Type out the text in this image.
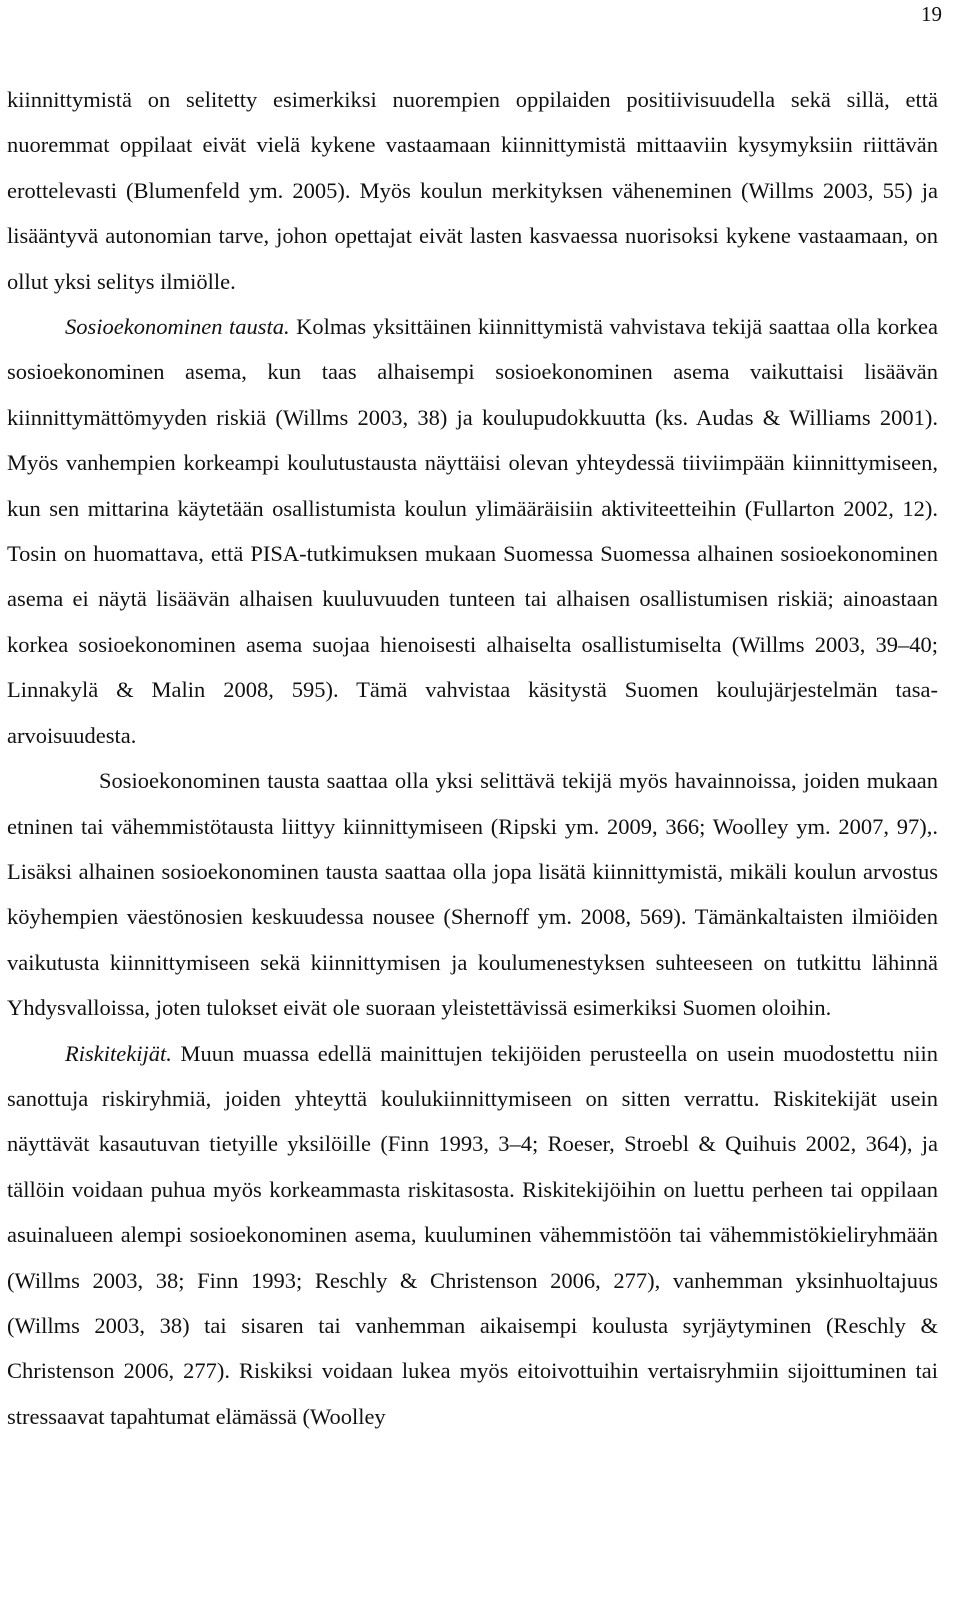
19

kiinnittymistä on selitetty esimerkiksi nuorempien oppilaiden positiivisuudella sekä sillä, että nuoremmat oppilaat eivät vielä kykene vastaamaan kiinnittymistä mittaaviin kysymyksiin riittävän erottelevasti (Blumenfeld ym. 2005). Myös koulun merkityksen väheneminen (Willms 2003, 55) ja lisääntyvä autonomian tarve, johon opettajat eivät lasten kasvaessa nuorisoksi kykene vastaamaan, on ollut yksi selitys ilmiölle.

Sosioekonominen tausta. Kolmas yksittäinen kiinnittymistä vahvistava tekijä saattaa olla korkea sosioekonominen asema, kun taas alhaisempi sosioekonominen asema vaikuttaisi lisäävän kiinnittymättömyyden riskiä (Willms 2003, 38) ja koulupudokkuutta (ks. Audas & Williams 2001). Myös vanhempien korkeampi koulutustausta näyttäisi olevan yhteydessä tiiviimpään kiinnittymiseen, kun sen mittarina käytetään osallistumista koulun ylimääräisiin aktiviteetteihin (Fullarton 2002, 12). Tosin on huomattava, että PISA-tutkimuksen mukaan Suomessa Suomessa alhainen sosioekonominen asema ei näytä lisäävän alhaisen kuuluvuuden tunteen tai alhaisen osallistumisen riskiä; ainoastaan korkea sosioekonominen asema suojaa hienoisesti alhaiselta osallistumiselta (Willms 2003, 39–40; Linnakylä & Malin 2008, 595). Tämä vahvistaa käsitystä Suomen koulujärjestelmän tasa-arvoisuudesta.

Sosioekonominen tausta saattaa olla yksi selittävä tekijä myös havainnoissa, joiden mukaan etninen tai vähemmistötausta liittyy kiinnittymiseen (Ripski ym. 2009, 366; Woolley ym. 2007, 97),. Lisäksi alhainen sosioekonominen tausta saattaa olla jopa lisätä kiinnittymistä, mikäli koulun arvostus köyhempien väestönosien keskuudessa nousee (Shernoff ym. 2008, 569). Tämänkaltaisten ilmiöiden vaikutusta kiinnittymiseen sekä kiinnittymisen ja koulumenestyksen suhteeseen on tutkittu lähinnä Yhdysvalloissa, joten tulokset eivät ole suoraan yleistettävissä esimerkiksi Suomen oloihin.

Riskitekijät. Muun muassa edellä mainittujen tekijöiden perusteella on usein muodostettu niin sanottuja riskiryhmiä, joiden yhteyttä koulukiinnittymiseen on sitten verrattu. Riskitekijät usein näyttävät kasautuvan tietyille yksilöille (Finn 1993, 3–4; Roeser, Stroebl & Quihuis 2002, 364), ja tällöin voidaan puhua myös korkeammasta riskitasosta. Riskitekijöihin on luettu perheen tai oppilaan asuinalueen alempi sosioekonominen asema, kuuluminen vähemmistöön tai vähemmistökieliryhmään (Willms 2003, 38; Finn 1993; Reschly & Christenson 2006, 277), vanhemman yksinhuoltajuus (Willms 2003, 38) tai sisaren tai vanhemman aikaisempi koulusta syrjäytyminen (Reschly & Christenson 2006, 277). Riskiksi voidaan lukea myös eitoivottuihin vertaisryhmiin sijoittuminen tai stressaavat tapahtumat elämässä (Woolley
